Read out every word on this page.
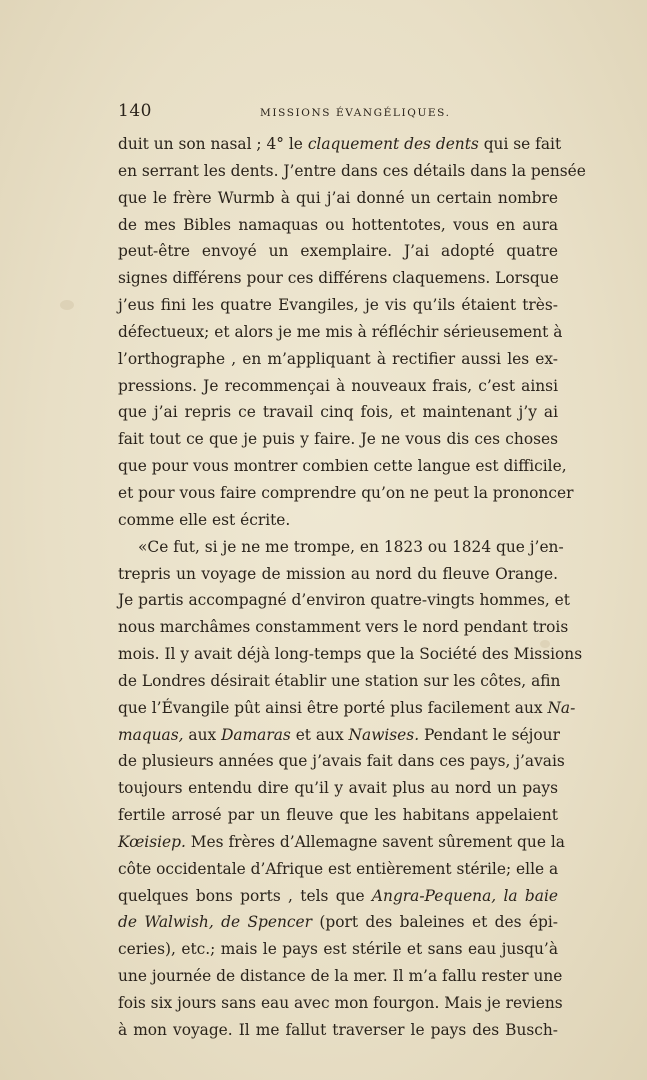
140	MISSIONS ÉVANGÉLIQUES.
duit un son nasal ; 4° le claquement des dents qui se fait
en serrant les dents. J’entre dans ces détails dans la pensée
que le frère Wurmb à qui j’ai donné un certain nombre
de mes Bibles namaquas ou hottentotes, vous en aura
peut-être envoyé un exemplaire. J’ai adopté quatre
signes différens pour ces différens claquemens. Lorsque
j’eus fini les quatre Evangiles, je vis qu’ils étaient très-
défectueux; et alors je me mis à réfléchir sérieusement à
l’orthographe , en m’appliquant à rectifier aussi les ex-
pressions. Je recommençai à nouveaux frais, c’est ainsi
que j’ai repris ce travail cinq fois, et maintenant j’y ai
fait tout ce que je puis y faire. Je ne vous dis ces choses
que pour vous montrer combien cette langue est difficile,
et pour vous faire comprendre qu’on ne peut la prononcer
comme elle est écrite.
«Ce fut, si je ne me trompe, en 1823 ou 1824 que j’en-
trepris un voyage de mission au nord du fleuve Orange.
Je partis accompagné d’environ quatre-vingts hommes, et
nous marchâmes constamment vers le nord pendant trois
mois. Il y avait déjà long-temps que la Société des Missions
de Londres désirait établir une station sur les côtes, afin
que l’Évangile pût ainsi être porté plus facilement aux Na-
maquas, aux Damaras et aux Nawises. Pendant le séjour
de plusieurs années que j’avais fait dans ces pays, j’avais
toujours entendu dire qu’il y avait plus au nord un pays
fertile arrosé par un fleuve que les habitans appelaient
Kœisiep. Mes frères d’Allemagne savent sûrement que la
côte occidentale d’Afrique est entièrement stérile; elle a
quelques bons ports , tels que Angra-Pequena, la baie
de Walwish, de Spencer (port des baleines et des épi-
ceries), etc.; mais le pays est stérile et sans eau jusqu’à
une journée de distance de la mer. Il m’a fallu rester une
fois six jours sans eau avec mon fourgon. Mais je reviens
à mon voyage. Il me fallut traverser le pays des Busch-
